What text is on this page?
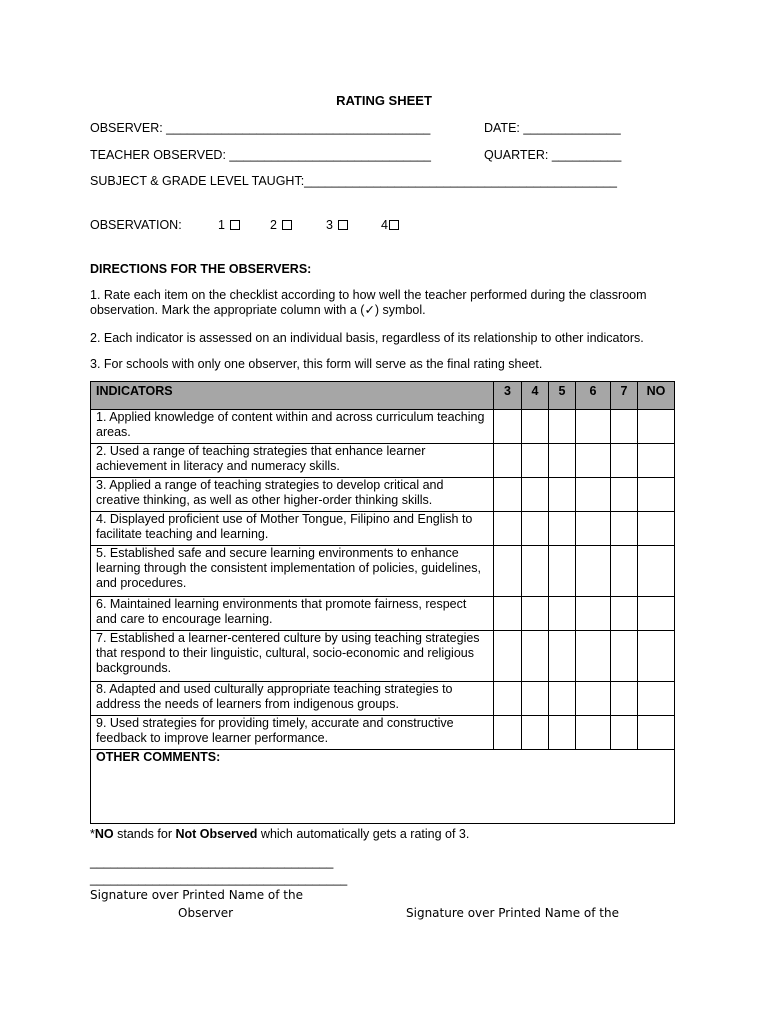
RATING SHEET
OBSERVER: ______________________________________	DATE: ______________
TEACHER OBSERVED: _____________________________	QUARTER: __________
SUBJECT & GRADE LEVEL TAUGHT:_____________________________________________
OBSERVATION:	1	2	3	4
DIRECTIONS FOR THE OBSERVERS:
1. Rate each item on the checklist according to how well the teacher performed during the classroom observation. Mark the appropriate column with a (✓) symbol.
2. Each indicator is assessed on an individual basis, regardless of its relationship to other indicators.
3. For schools with only one observer, this form will serve as the final rating sheet.
INDICATORS	3	4	5	6	7	NO
1. Applied knowledge of content within and across curriculum teaching areas.						
2. Used a range of teaching strategies that enhance learner achievement in literacy and numeracy skills.						
3. Applied a range of teaching strategies to develop critical and creative thinking, as well as other higher-order thinking skills.						
4. Displayed proficient use of Mother Tongue, Filipino and English to facilitate teaching and learning.						
5. Established safe and secure learning environments to enhance learning through the consistent implementation of policies, guidelines, and procedures.						
6. Maintained learning environments that promote fairness, respect and care to encourage learning.						
7. Established a learner-centered culture by using teaching strategies that respond to their linguistic, cultural, socio-economic and religious backgrounds.						
8. Adapted and used culturally appropriate teaching strategies to address the needs of learners from indigenous groups.						
9. Used strategies for providing timely, accurate and constructive feedback to improve learner performance.						
OTHER COMMENTS:						
*NO stands for Not Observed which automatically gets a rating of 3.
___________________________________
_____________________________________
Signature over Printed Name of the
Observer	Signature over Printed Name of the
